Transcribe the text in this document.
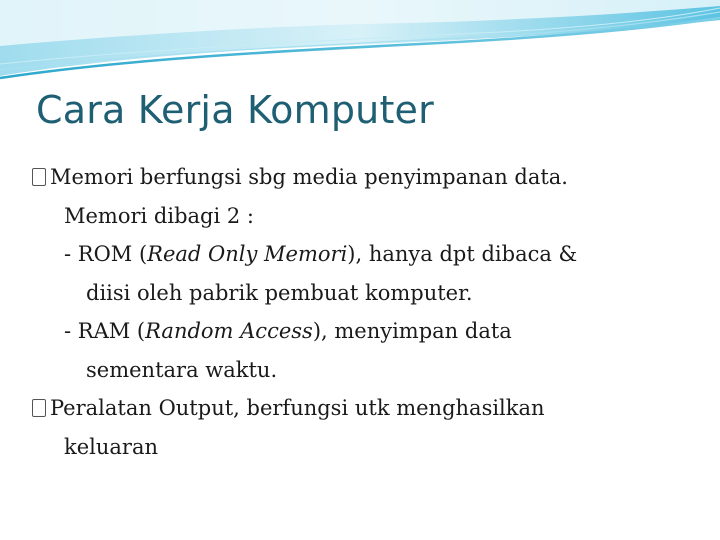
Cara Kerja Komputer
Memori berfungsi sbg media penyimpanan data.
Memori dibagi 2 :
- ROM (Read Only Memori), hanya dpt dibaca &
diisi oleh pabrik pembuat komputer.
- RAM (Random Access), menyimpan data
sementara waktu.
Peralatan Output, berfungsi utk menghasilkan
keluaran
